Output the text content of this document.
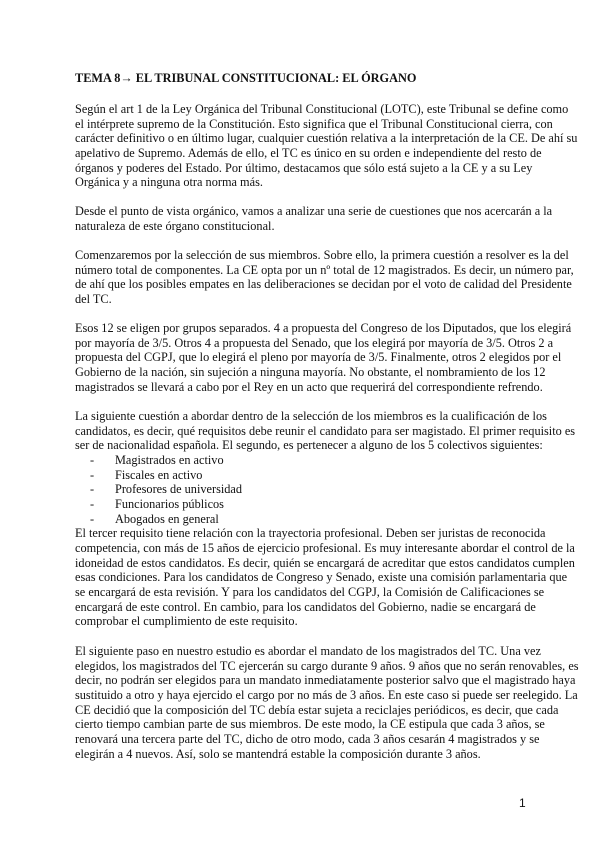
TEMA 8→ EL TRIBUNAL CONSTITUCIONAL: EL ÓRGANO
Según el art 1 de la Ley Orgánica del Tribunal Constitucional (LOTC), este Tribunal se define como
el intérprete supremo de la Constitución. Esto significa que el Tribunal Constitucional cierra, con
carácter definitivo o en último lugar, cualquier cuestión relativa a la interpretación de la CE. De ahí su
apelativo de Supremo. Además de ello, el TC es único en su orden e independiente del resto de
órganos y poderes del Estado. Por último, destacamos que sólo está sujeto a la CE y a su Ley
Orgánica y a ninguna otra norma más.
Desde el punto de vista orgánico, vamos a analizar una serie de cuestiones que nos acercarán a la
naturaleza de este órgano constitucional.
Comenzaremos por la selección de sus miembros. Sobre ello, la primera cuestión a resolver es la del
número total de componentes. La CE opta por un nº total de 12 magistrados. Es decir, un número par,
de ahí que los posibles empates en las deliberaciones se decidan por el voto de calidad del Presidente
del TC.
Esos 12 se eligen por grupos separados. 4 a propuesta del Congreso de los Diputados, que los elegirá
por mayoría de 3/5. Otros 4 a propuesta del Senado, que los elegirá por mayoría de 3/5. Otros 2 a
propuesta del CGPJ, que lo elegirá el pleno por mayoría de 3/5. Finalmente, otros 2 elegidos por el
Gobierno de la nación, sin sujeción a ninguna mayoría. No obstante, el nombramiento de los 12
magistrados se llevará a cabo por el Rey en un acto que requerirá del correspondiente refrendo.
La siguiente cuestión a abordar dentro de la selección de los miembros es la cualificación de los
candidatos, es decir, qué requisitos debe reunir el candidato para ser magistado. El primer requisito es
ser de nacionalidad española. El segundo, es pertenecer a alguno de los 5 colectivos siguientes:
- Magistrados en activo
- Fiscales en activo
- Profesores de universidad
- Funcionarios públicos
- Abogados en general
El tercer requisito tiene relación con la trayectoria profesional. Deben ser juristas de reconocida
competencia, con más de 15 años de ejercicio profesional. Es muy interesante abordar el control de la
idoneidad de estos candidatos. Es decir, quién se encargará de acreditar que estos candidatos cumplen
esas condiciones. Para los candidatos de Congreso y Senado, existe una comisión parlamentaria que
se encargará de esta revisión. Y para los candidatos del CGPJ, la Comisión de Calificaciones se
encargará de este control. En cambio, para los candidatos del Gobierno, nadie se encargará de
comprobar el cumplimiento de este requisito.
El siguiente paso en nuestro estudio es abordar el mandato de los magistrados del TC. Una vez
elegidos, los magistrados del TC ejercerán su cargo durante 9 años. 9 años que no serán renovables, es
decir, no podrán ser elegidos para un mandato inmediatamente posterior salvo que el magistrado haya
sustituido a otro y haya ejercido el cargo por no más de 3 años. En este caso si puede ser reelegido. La
CE decidió que la composición del TC debía estar sujeta a reciclajes periódicos, es decir, que cada
cierto tiempo cambian parte de sus miembros. De este modo, la CE estipula que cada 3 años, se
renovará una tercera parte del TC, dicho de otro modo, cada 3 años cesarán 4 magistrados y se
elegirán a 4 nuevos. Así, solo se mantendrá estable la composición durante 3 años.
1
